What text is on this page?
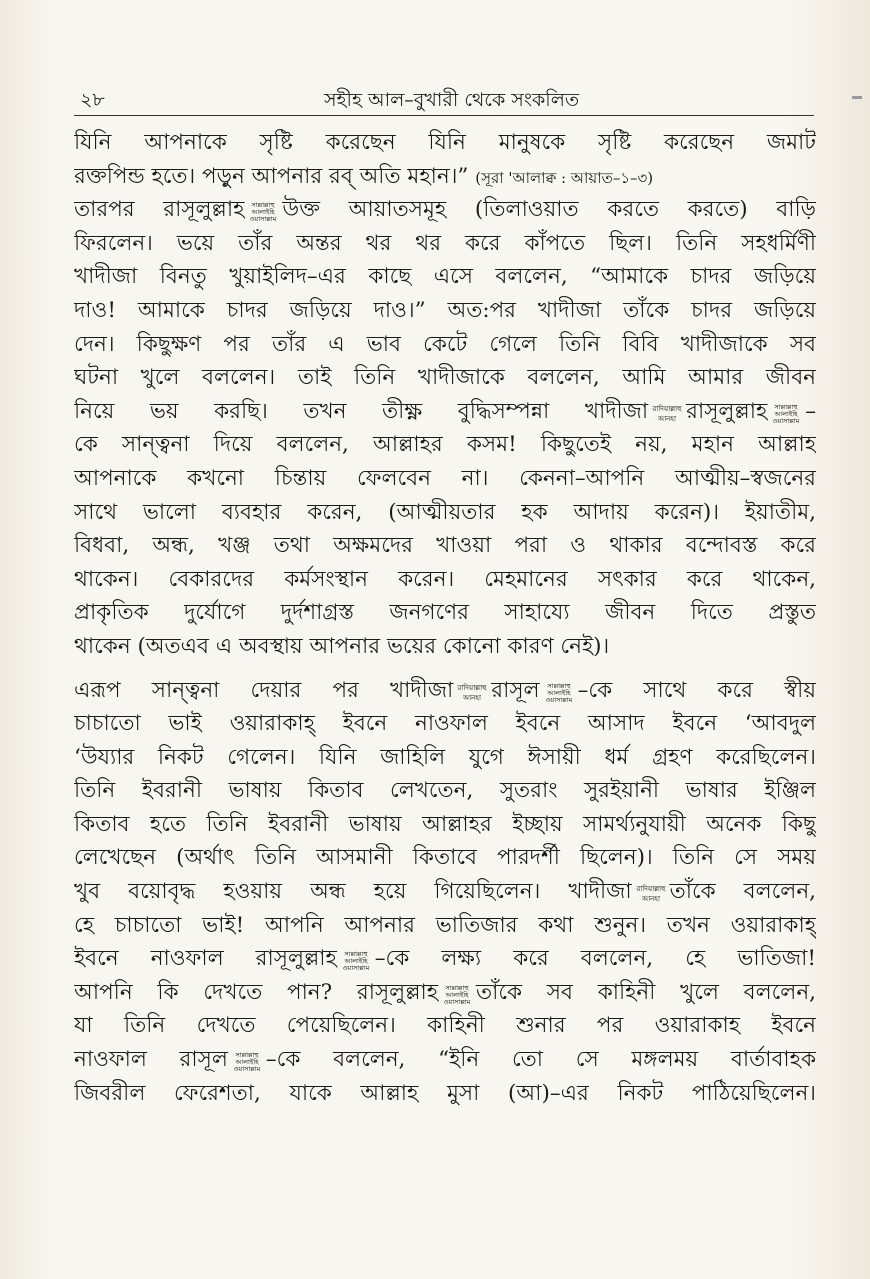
২৮	সহীহ আল–বুখারী থেকে সংকলিত
যিনি আপনাকে সৃষ্টি করেছেন যিনি মানুষকে সৃষ্টি করেছেন জমাট
রক্তপিন্ড হতে। পড়ুন আপনার রব্ অতি মহান।” (সূরা 'আলাক্ব : আয়াত–১–৩)
তারপর রাসূলুল্লাহ সাল্লাল্লাহু
আলাইহি
ওয়াসাল্লাম উক্ত আয়াতসমূহ (তিলাওয়াত করতে করতে) বাড়ি
ফিরলেন। ভয়ে তাঁর অন্তর থর থর করে কাঁপতে ছিল। তিনি সহধর্মিণী
খাদীজা বিনতু খুয়াইলিদ–এর কাছে এসে বললেন, “আমাকে চাদর জড়িয়ে
দাও! আমাকে চাদর জড়িয়ে দাও।” অত:পর খাদীজা তাঁকে চাদর জড়িয়ে
দেন। কিছুক্ষণ পর তাঁর এ ভাব কেটে গেলে তিনি বিবি খাদীজাকে সব
ঘটনা খুলে বললেন। তাই তিনি খাদীজাকে বললেন, আমি আমার জীবন
নিয়ে ভয় করছি। তখন তীক্ষ্ণ বুদ্ধিসম্পন্না খাদীজা রাদিয়াল্লাহু
আনহা রাসূলুল্লাহ সাল্লাল্লাহু
আলাইহি
ওয়াসাল্লাম –
কে সান্ত্বনা দিয়ে বললেন, আল্লাহর কসম! কিছুতেই নয়, মহান আল্লাহ
আপনাকে কখনো চিন্তায় ফেলবেন না। কেননা–আপনি আত্মীয়–স্বজনের
সাথে ভালো ব্যবহার করেন, (আত্মীয়তার হক আদায় করেন)। ইয়াতীম,
বিধবা, অন্ধ, খঞ্জ তথা অক্ষমদের খাওয়া পরা ও থাকার বন্দোবস্ত করে
থাকেন। বেকারদের কর্মসংস্থান করেন। মেহমানের সৎকার করে থাকেন,
প্রাকৃতিক দুর্যোগে দুর্দশাগ্রস্ত জনগণের সাহায্যে জীবন দিতে প্রস্তুত
থাকেন (অতএব এ অবস্থায় আপনার ভয়ের কোনো কারণ নেই)।
এরূপ সান্ত্বনা দেয়ার পর খাদীজা রাদিয়াল্লাহু
আনহা রাসূল সাল্লাল্লাহু
আলাইহি
ওয়াসাল্লাম –কে সাথে করে স্বীয়
চাচাতো ভাই ওয়ারাকাহ্ ইবনে নাওফাল ইবনে আসাদ ইবনে ‘আবদুল
‘উয্যার নিকট গেলেন। যিনি জাহিলি যুগে ঈসায়ী ধর্ম গ্রহণ করেছিলেন।
তিনি ইবরানী ভাষায় কিতাব লেখতেন, সুতরাং সুরইয়ানী ভাষার ইঞ্জিল
কিতাব হতে তিনি ইবরানী ভাষায় আল্লাহর ইচ্ছায় সামর্থ্যনুযায়ী অনেক কিছু
লেখেছেন (অর্থাৎ তিনি আসমানী কিতাবে পারদর্শী ছিলেন)। তিনি সে সময়
খুব বয়োবৃদ্ধ হওয়ায় অন্ধ হয়ে গিয়েছিলেন। খাদীজা রাদিয়াল্লাহু
আনহা তাঁকে বললেন,
হে চাচাতো ভাই! আপনি আপনার ভাতিজার কথা শুনুন। তখন ওয়ারাকাহ্
ইবনে নাওফাল রাসূলুল্লাহ সাল্লাল্লাহু
আলাইহি
ওয়াসাল্লাম –কে লক্ষ্য করে বললেন, হে ভাতিজা!
আপনি কি দেখতে পান? রাসূলুল্লাহ সাল্লাল্লাহু
আলাইহি
ওয়াসাল্লাম তাঁকে সব কাহিনী খুলে বললেন,
যা তিনি দেখতে পেয়েছিলেন। কাহিনী শুনার পর ওয়ারাকাহ ইবনে
নাওফাল রাসূল সাল্লাল্লাহু
আলাইহি
ওয়াসাল্লাম –কে বললেন, “ইনি তো সে মঙ্গলময় বার্তাবাহক
জিবরীল ফেরেশতা, যাকে আল্লাহ মুসা (আ)–এর নিকট পাঠিয়েছিলেন।
